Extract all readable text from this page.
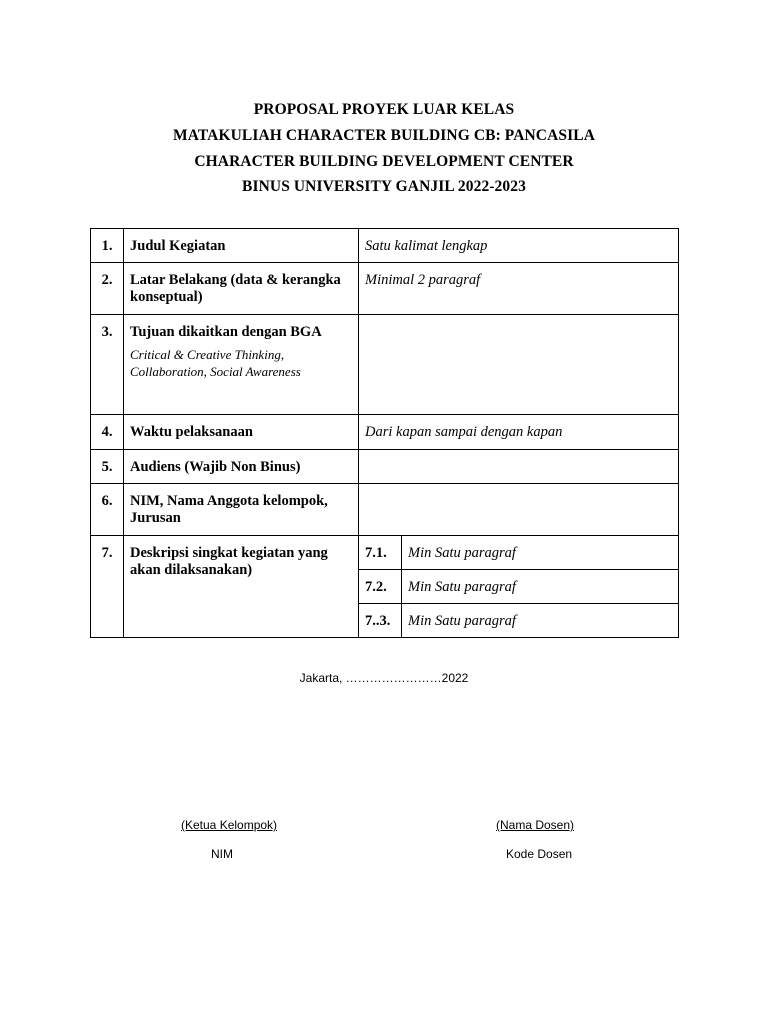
PROPOSAL PROYEK LUAR KELAS
MATAKULIAH CHARACTER BUILDING CB: PANCASILA
CHARACTER BUILDING DEVELOPMENT CENTER
BINUS UNIVERSITY GANJIL 2022-2023
1.	Judul Kegiatan	Satu kalimat lengkap	
2.	Latar Belakang (data & kerangka konseptual)	Minimal 2 paragraf	
3.	Tujuan dikaitkan dengan BGA
Critical & Creative Thinking, Collaboration, Social Awareness		

4.	Waktu pelaksanaan	Dari kapan sampai dengan kapan	
5.	Audiens (Wajib Non Binus)		
6.	NIM, Nama Anggota kelompok, Jurusan		
7.	Deskripsi singkat kegiatan yang akan dilaksanakan)	7.1.	Min Satu paragraf
		7.2.	Min Satu paragraf
		7..3.	Min Satu paragraf
Jakarta, ……………………2022
(Ketua Kelompok)
NIM
(Nama Dosen)
Kode Dosen
